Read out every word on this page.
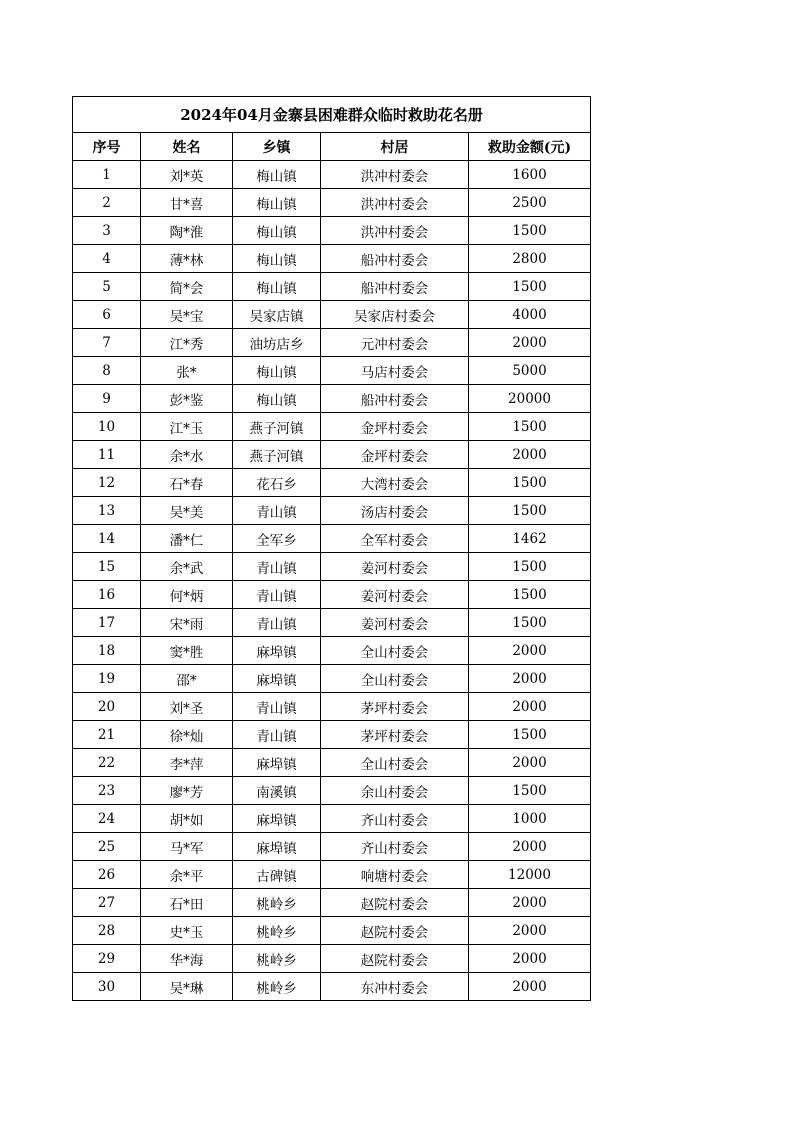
2024年04月金寨县困难群众临时救助花名册				
序号	姓名	乡镇	村居	救助金额(元)
1	刘*英	梅山镇	洪冲村委会	1600
2	甘*喜	梅山镇	洪冲村委会	2500
3	陶*淮	梅山镇	洪冲村委会	1500
4	薄*林	梅山镇	船冲村委会	2800
5	简*会	梅山镇	船冲村委会	1500
6	吴*宝	吴家店镇	吴家店村委会	4000
7	江*秀	油坊店乡	元冲村委会	2000
8	张*	梅山镇	马店村委会	5000
9	彭*鉴	梅山镇	船冲村委会	20000
10	江*玉	燕子河镇	金坪村委会	1500
11	余*水	燕子河镇	金坪村委会	2000
12	石*春	花石乡	大湾村委会	1500
13	吴*美	青山镇	汤店村委会	1500
14	潘*仁	全军乡	全军村委会	1462
15	余*武	青山镇	姜河村委会	1500
16	何*炳	青山镇	姜河村委会	1500
17	宋*雨	青山镇	姜河村委会	1500
18	窦*胜	麻埠镇	全山村委会	2000
19	邵*	麻埠镇	全山村委会	2000
20	刘*圣	青山镇	茅坪村委会	2000
21	徐*灿	青山镇	茅坪村委会	1500
22	李*萍	麻埠镇	全山村委会	2000
23	廖*芳	南溪镇	余山村委会	1500
24	胡*如	麻埠镇	齐山村委会	1000
25	马*军	麻埠镇	齐山村委会	2000
26	余*平	古碑镇	响塘村委会	12000
27	石*田	桃岭乡	赵院村委会	2000
28	史*玉	桃岭乡	赵院村委会	2000
29	华*海	桃岭乡	赵院村委会	2000
30	吴*琳	桃岭乡	东冲村委会	2000
